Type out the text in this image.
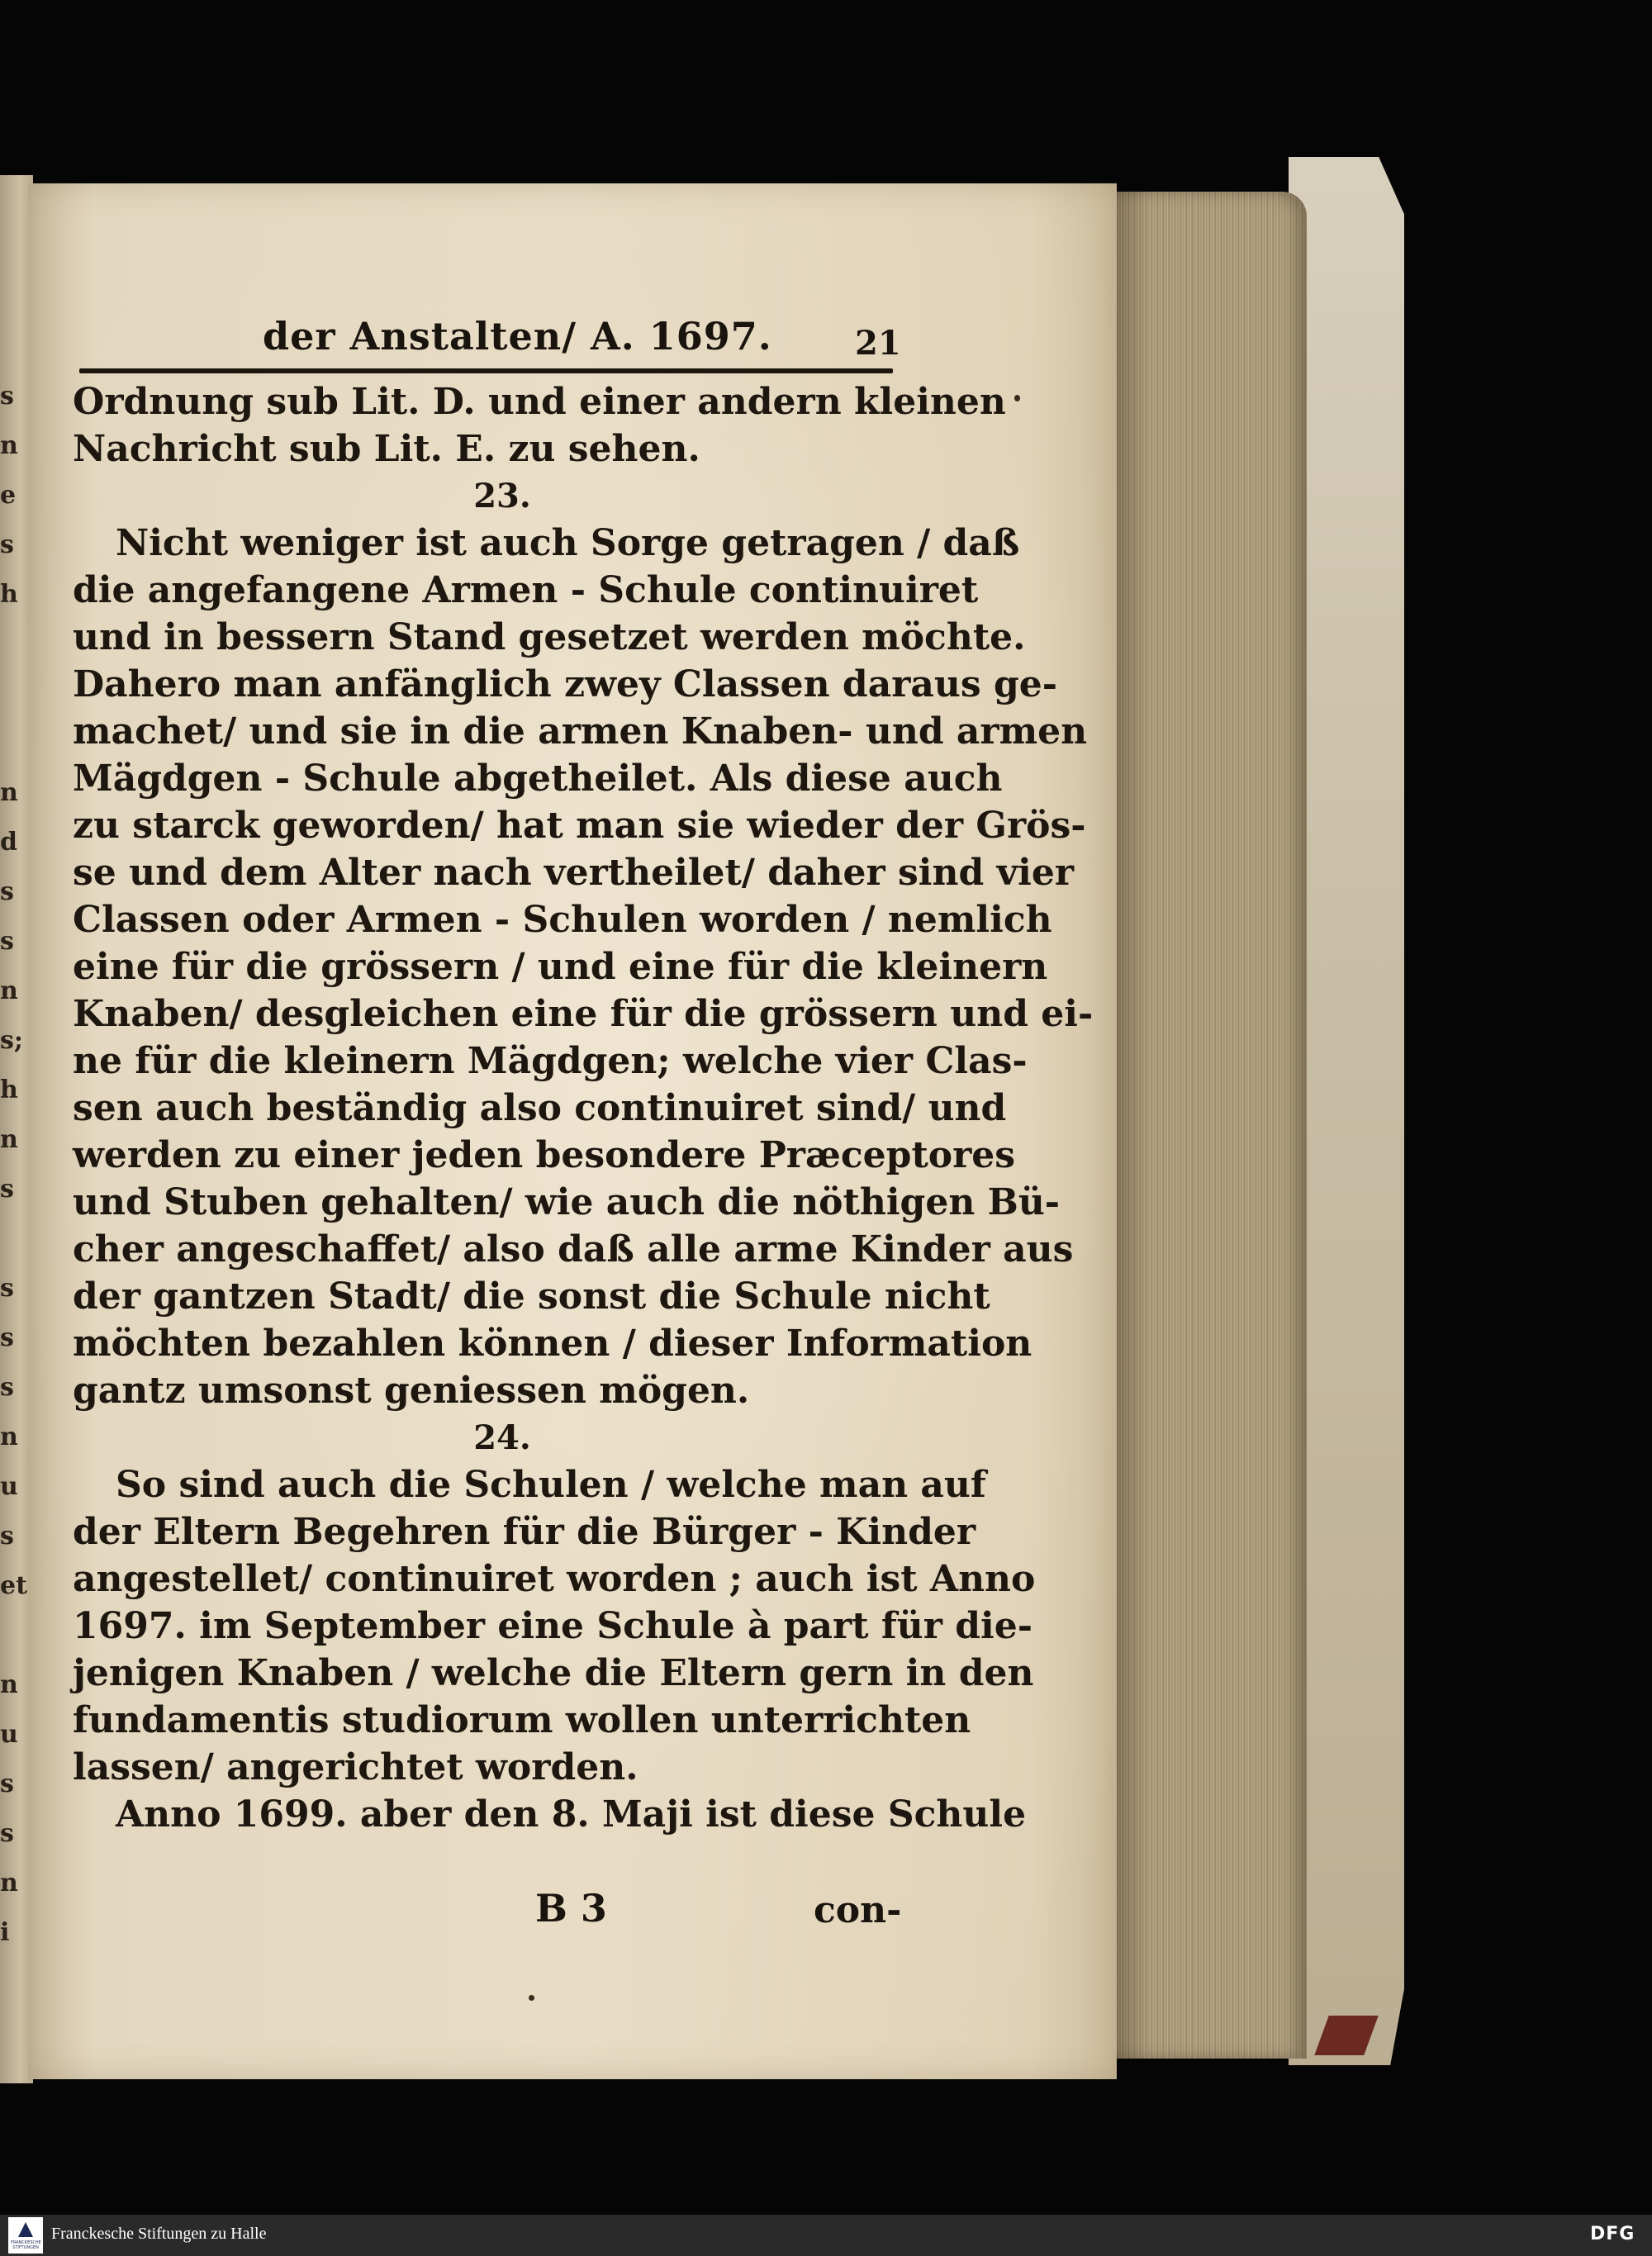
s
n
e
s
h
n
d
s
s
n
s;
h
n
s
s
s
s
n
u
s
et
n
u
s
s
n
i
der Anstalten/ A. 1697.	21
Ordnung sub Lit. D. und einer andern kleinen
Nachricht sub Lit. E. zu sehen.
23.
Nicht weniger ist auch Sorge getragen / daß
die angefangene Armen - Schule continuiret
und in bessern Stand gesetzet werden möchte.
Dahero man anfänglich zwey Classen daraus ge-
machet/ und sie in die armen Knaben- und armen
Mägdgen - Schule abgetheilet. Als diese auch
zu starck geworden/ hat man sie wieder der Grös-
se und dem Alter nach vertheilet/ daher sind vier
Classen oder Armen - Schulen worden / nemlich
eine für die grössern / und eine für die kleinern
Knaben/ desgleichen eine für die grössern und ei-
ne für die kleinern Mägdgen; welche vier Clas-
sen auch beständig also continuiret sind/ und
werden zu einer jeden besondere Præceptores
und Stuben gehalten/ wie auch die nöthigen Bü-
cher angeschaffet/ also daß alle arme Kinder aus
der gantzen Stadt/ die sonst die Schule nicht
möchten bezahlen können / dieser Information
gantz umsonst geniessen mögen.
24.
So sind auch die Schulen / welche man auf
der Eltern Begehren für die Bürger - Kinder
angestellet/ continuiret worden ; auch ist Anno
1697. im September eine Schule à part für die-
jenigen Knaben / welche die Eltern gern in den
fundamentis studiorum wollen unterrichten
lassen/ angerichtet worden.
Anno 1699. aber den 8. Maji ist diese Schule
B 3	con-
FRANCKESCHE STIFTUNGEN
Franckesche Stiftungen zu Halle	DFG
